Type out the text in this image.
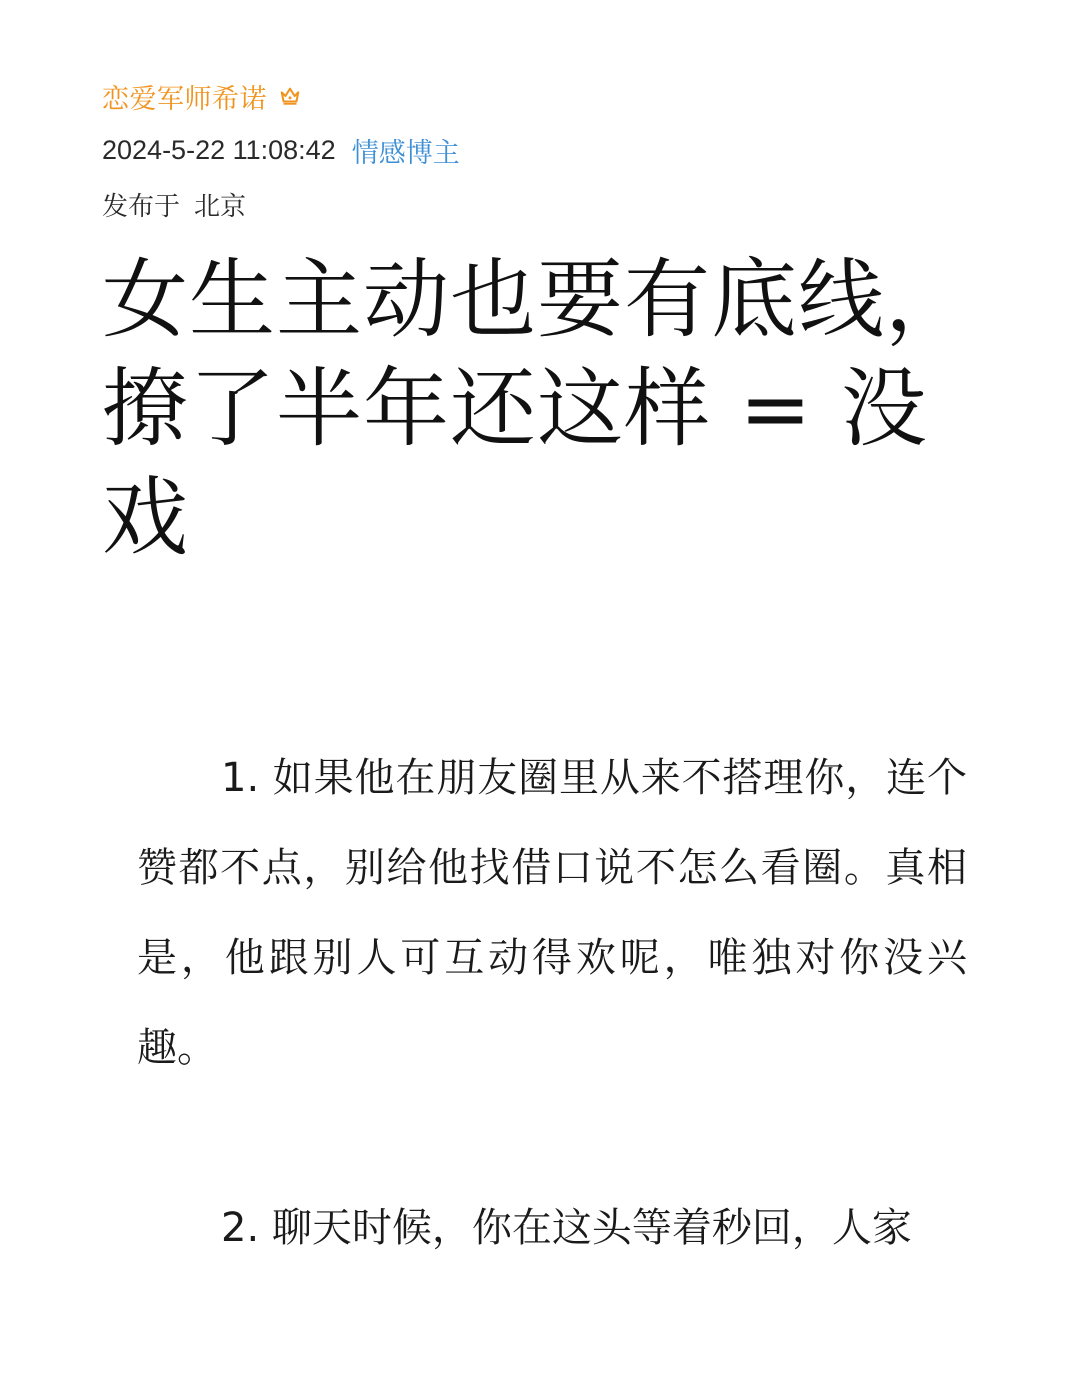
恋爱军师希诺
2024-5-22 11:08:42 情感博主
发布于 北京
女生主动也要有底线，撩了半年还这样 = 没戏

1. 如果他在朋友圈里从来不搭理你，连个赞都不点，别给他找借口说不怎么看圈。真相是，他跟别人可互动得欢呢，唯独对你没兴趣。

2. 聊天时候，你在这头等着秒回，人家
